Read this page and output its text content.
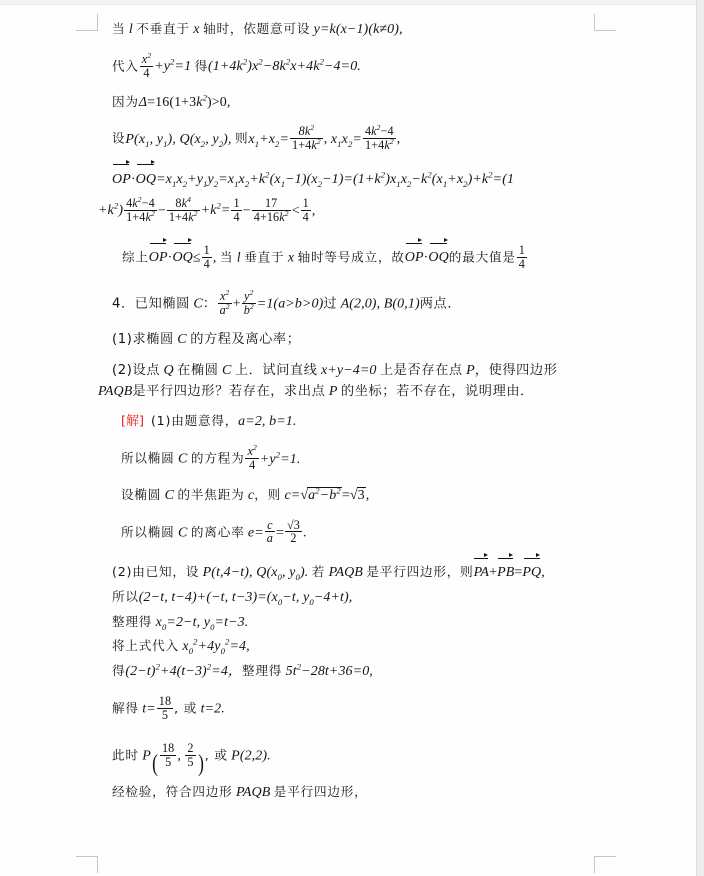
当 l 不垂直于 x 轴时，依题意可设 y=k(x−1)(k≠0),
代入 $\frac{x^2}{4} +y^2=1$ 得$(1+4k^2)x^2-8k^2x+4k^2-4=0$.
因为$\Delta=16(1+3k^2)>0$,
设$P(x_1$, $y_1$), $Q(x_2$, $y_2$), 则$x_1+x_2= \frac{8k^2}{1+4k^2}$ , $x_1x_2= \frac{4k^2-4}{1+4k^2}$ ,
$OP\cdot OQ=x_1x_2+y_1y_2=x_1x_2+k^2(x_1-1)(x_2-1)=(1+k^2)x_1x_2-k^2(x_1+x_2)+k^2=(1$
$+k^2) \frac{4k^2-4}{1+4k^2} - \frac{8k^4}{1+4k^2} +k^2= \frac{1}{4} - \frac{17}{4+16k^2} < \frac{1}{4}$ ,
综上$OP\cdot OQ\le \frac{1}{4}$ , 当 l 垂直于 x 轴时等号成立，故OP·OQ的最大值是 $\frac{1}{4}$
4．已知椭圆 C： $\frac{x^2}{a^2} + \frac{y^2}{b^2} =1(a>b>0)$过 A(2,0), B(0,1)两点．
(1)求椭圆 C 的方程及离心率；
(2)设点 Q 在椭圆 C 上．试问直线 x+y−4=0 上是否存在点 P，使得四边形
PAQB是平行四边形？若存在，求出点 P 的坐标；若不存在，说明理由．
[解] (1)由题意得，a=2, b=1.
所以椭圆 C 的方程为 $\frac{x^2}{4} +y^2=1$.
设椭圆 C 的半焦距为 c，则 $c=√a^2-b^2=√3$,
所以椭圆 C 的离心率 $e= \frac{c}{a} = \frac{√3}{2}$ .
(2)由已知，设 P(t,4−t), $Q(x_0$, $y_0$). 若 PAQB 是平行四边形，则PA+PB=PQ,
所以(2−t, t−4)+(−t, $t-3)=(x_0-t$, $y_0-4+t$),
整理得 $x_0=2-t$, $y_0=t-3$.
将上式代入 $x_0^2+4y_0^2=4$,
得$(2-t)^2+4(t-3)^2=4$，整理得 $5t^2-28t+36=0$,
解得 $t= \frac{18}{5}$ , 或 t=2.
此时 $P( \frac{18}{5}$ , $\frac{2}{5}$ ), 或 P(2,2).
经检验，符合四边形 PAQB 是平行四边形，
